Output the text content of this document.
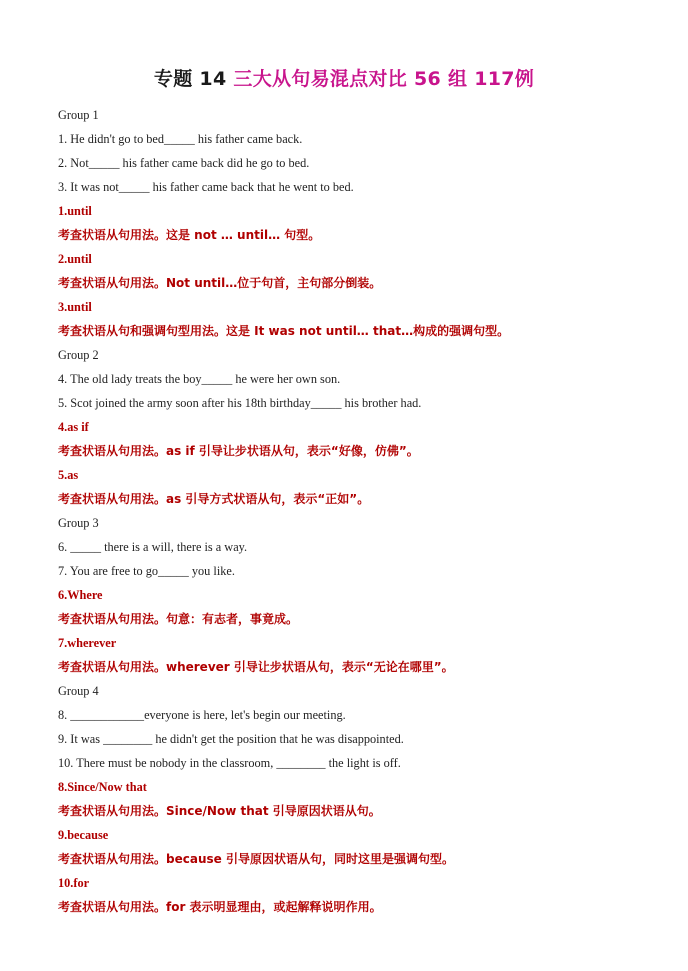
专题 14 三大从句易混点对比 56 组 117例
Group 1
1. He didn't go to bed_____ his father came back.
2. Not_____ his father came back did he go to bed.
3. It was not_____ his father came back that he went to bed.
1.until
考查状语从句用法。这是 not … until… 句型。
2.until
考查状语从句用法。Not until…位于句首，主句部分倒装。
3.until
考查状语从句和强调句型用法。这是 It was not until… that…构成的强调句型。
Group 2
4. The old lady treats the boy_____ he were her own son.
5. Scot joined the army soon after his 18th birthday_____ his brother had.
4.as if
考查状语从句用法。as if 引导让步状语从句，表示“好像，仿佛”。
5.as
考查状语从句用法。as 引导方式状语从句，表示“正如”。
Group 3
6. _____ there is a will, there is a way.
7. You are free to go_____ you like.
6.Where
考查状语从句用法。句意：有志者，事竟成。
7.wherever
考查状语从句用法。wherever 引导让步状语从句，表示“无论在哪里”。
Group 4
8. ____________everyone is here, let's begin our meeting.
9. It was ________ he didn't get the position that he was disappointed.
10. There must be nobody in the classroom, ________ the light is off.
8.Since/Now that
考查状语从句用法。Since/Now that 引导原因状语从句。
9.because
考查状语从句用法。because 引导原因状语从句，同时这里是强调句型。
10.for
考查状语从句用法。for 表示明显理由，或起解释说明作用。
